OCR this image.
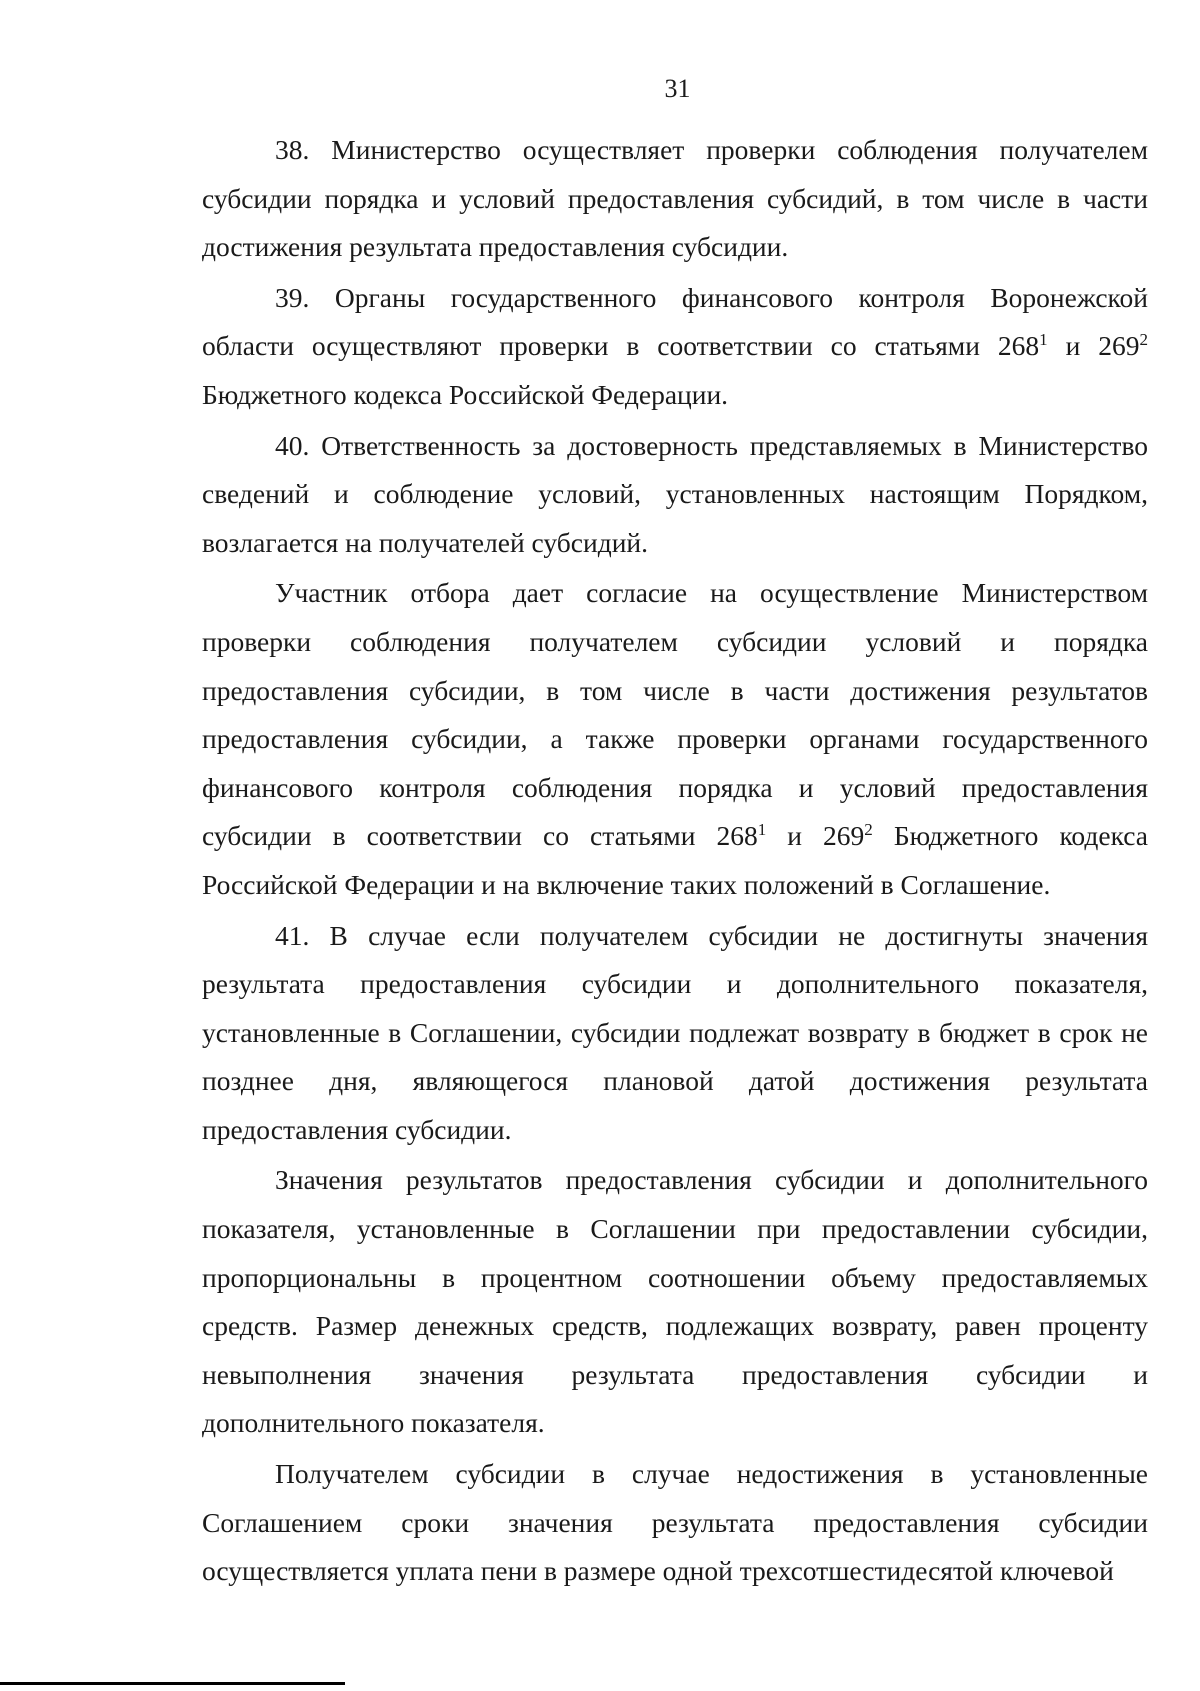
31

38. Министерство осуществляет проверки соблюдения получателем субсидии порядка и условий предоставления субсидий, в том числе в части достижения результата предоставления субсидии.

39. Органы государственного финансового контроля Воронежской области осуществляют проверки в соответствии со статьями $268^1$ и $269^2$ Бюджетного кодекса Российской Федерации.

40. Ответственность за достоверность представляемых в Министерство сведений и соблюдение условий, установленных настоящим Порядком, возлагается на получателей субсидий.

Участник отбора дает согласие на осуществление Министерством проверки соблюдения получателем субсидии условий и порядка предоставления субсидии, в том числе в части достижения результатов предоставления субсидии, а также проверки органами государственного финансового контроля соблюдения порядка и условий предоставления субсидии в соответствии со статьями $268^1$ и $269^2$ Бюджетного кодекса Российской Федерации и на включение таких положений в Соглашение.

41. В случае если получателем субсидии не достигнуты значения результата предоставления субсидии и дополнительного показателя, установленные в Соглашении, субсидии подлежат возврату в бюджет в срок не позднее дня, являющегося плановой датой достижения результата предоставления субсидии.

Значения результатов предоставления субсидии и дополнительного показателя, установленные в Соглашении при предоставлении субсидии, пропорциональны в процентном соотношении объему предоставляемых средств. Размер денежных средств, подлежащих возврату, равен проценту невыполнения значения результата предоставления субсидии и дополнительного показателя.

Получателем субсидии в случае недостижения в установленные Соглашением сроки значения результата предоставления субсидии осуществляется уплата пени в размере одной трехсотшестидесятой ключевой
